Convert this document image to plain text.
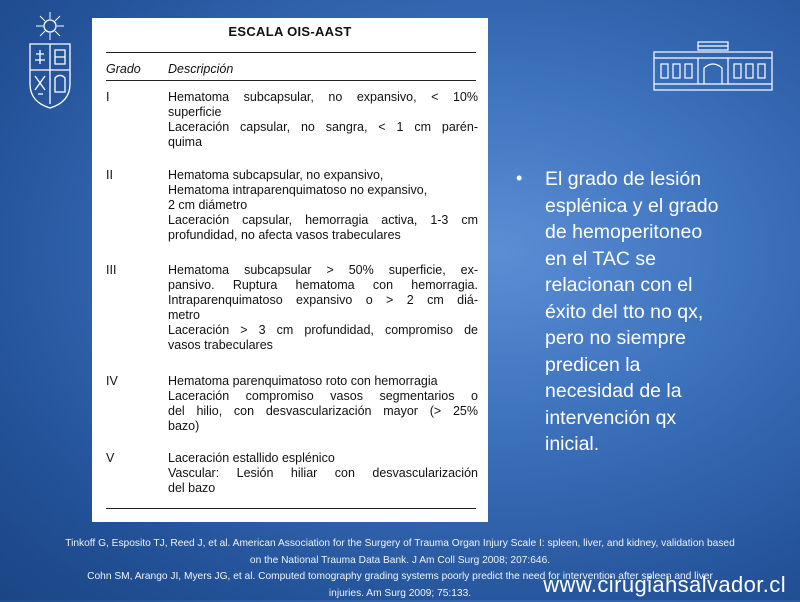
ESCALA OIS-AAST
Grado Descripción
I	Hematoma subcapsular, no expansivo, < 10%
superficie
Laceración capsular, no sangra, < 1 cm parén-
quima
II	Hematoma subcapsular, no expansivo,
Hematoma intraparenquimatoso no expansivo,
2 cm diámetro
Laceración capsular, hemorragia activa, 1-3 cm
profundidad, no afecta vasos trabeculares
III	Hematoma subcapsular > 50% superficie, ex-
pansivo. Ruptura hematoma con hemorragia.
Intraparenquimatoso expansivo o > 2 cm diá-
metro
Laceración > 3 cm profundidad, compromiso de
vasos trabeculares
IV	Hematoma parenquimatoso roto con hemorragia
Laceración compromiso vasos segmentarios o
del hilio, con desvascularización mayor (> 25%
bazo)
V	Laceración estallido esplénico
Vascular: Lesión hiliar con desvascularización
del bazo
• El grado de lesión
esplénica y el grado
de hemoperitoneo
en el TAC se
relacionan con el
éxito del tto no qx,
pero no siempre
predicen la
necesidad de la
intervención qx
inicial.
Tinkoff G, Esposito TJ, Reed J, et al. American Association for the Surgery of Trauma Organ Injury Scale I: spleen, liver, and kidney, validation based
on the National Trauma Data Bank. J Am Coll Surg 2008; 207:646.
Cohn SM, Arango JI, Myers JG, et al. Computed tomography grading systems poorly predict the need for intervention after spleen and liver
injuries. Am Surg 2009; 75:133.	www.cirugiahsalvador.cl
